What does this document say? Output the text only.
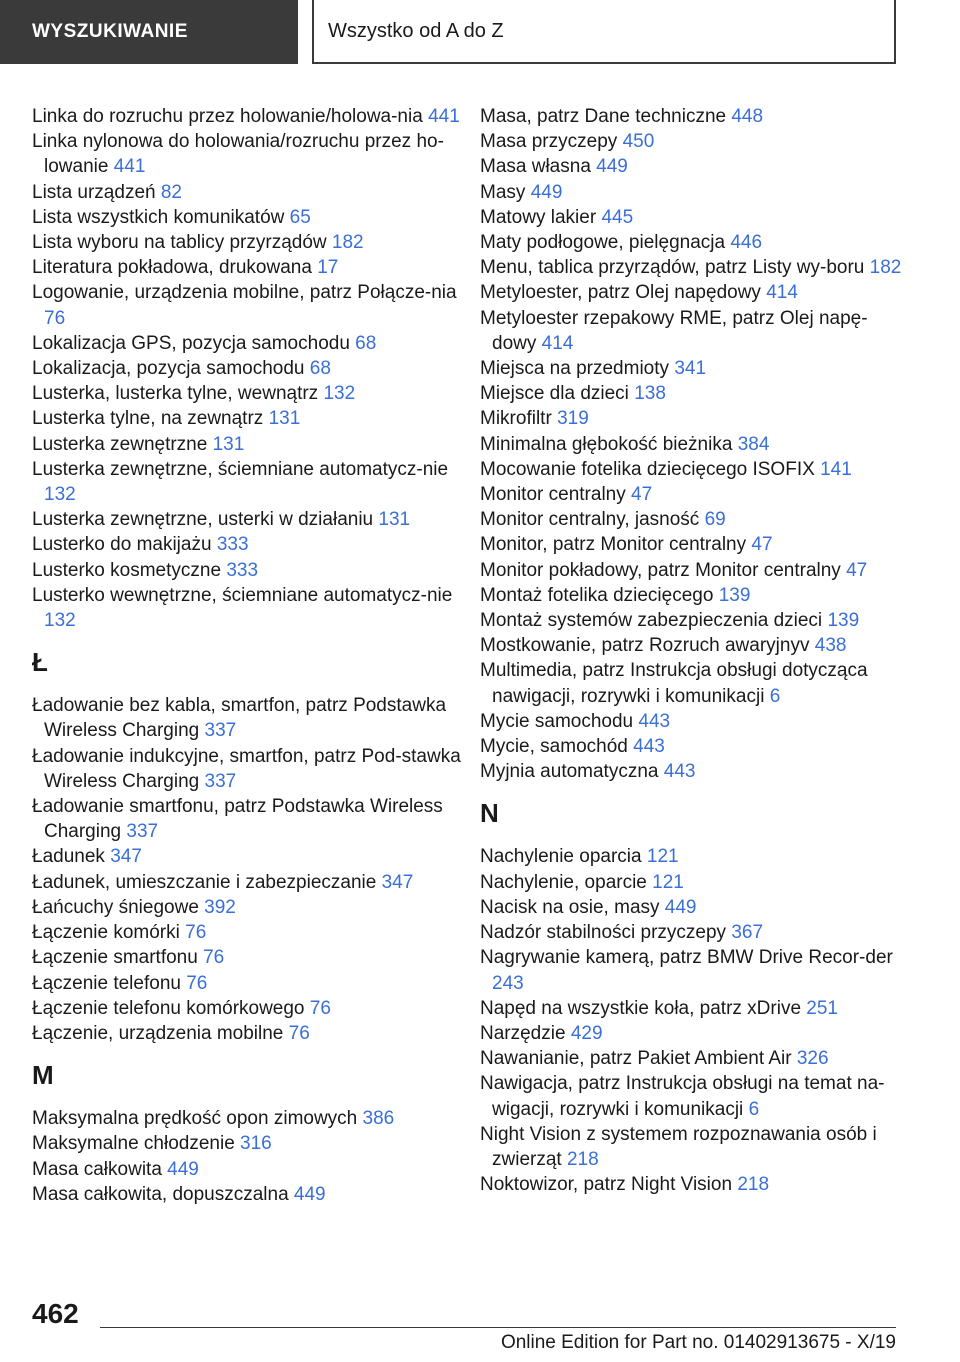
WYSZUKIWANIE	Wszystko od A do Z
Linka do rozruchu przez holowanie/holowa‐nia 441
Linka nylonowa do holowania/rozruchu przez ho‐lowanie 441
Lista urządzeń 82
Lista wszystkich komunikatów 65
Lista wyboru na tablicy przyrządów 182
Literatura pokładowa, drukowana 17
Logowanie, urządzenia mobilne, patrz Połącze‐nia 76
Lokalizacja GPS, pozycja samochodu 68
Lokalizacja, pozycja samochodu 68
Lusterka, lusterka tylne, wewnątrz 132
Lusterka tylne, na zewnątrz 131
Lusterka zewnętrzne 131
Lusterka zewnętrzne, ściemniane automatycz‐nie 132
Lusterka zewnętrzne, usterki w działaniu 131
Lusterko do makijażu 333
Lusterko kosmetyczne 333
Lusterko wewnętrzne, ściemniane automatycz‐nie 132
Ł
Ładowanie bez kabla, smartfon, patrz Podstawka Wireless Charging 337
Ładowanie indukcyjne, smartfon, patrz Pod‐stawka Wireless Charging 337
Ładowanie smartfonu, patrz Podstawka Wireless Charging 337
Ładunek 347
Ładunek, umieszczanie i zabezpieczanie 347
Łańcuchy śniegowe 392
Łączenie komórki 76
Łączenie smartfonu 76
Łączenie telefonu 76
Łączenie telefonu komórkowego 76
Łączenie, urządzenia mobilne 76
M
Maksymalna prędkość opon zimowych 386
Maksymalne chłodzenie 316
Masa całkowita 449
Masa całkowita, dopuszczalna 449
Masa, patrz Dane techniczne 448
Masa przyczepy 450
Masa własna 449
Masy 449
Matowy lakier 445
Maty podłogowe, pielęgnacja 446
Menu, tablica przyrządów, patrz Listy wy‐boru 182
Metyloester, patrz Olej napędowy 414
Metyloester rzepakowy RME, patrz Olej napę‐dowy 414
Miejsca na przedmioty 341
Miejsce dla dzieci 138
Mikrofiltr 319
Minimalna głębokość bieżnika 384
Mocowanie fotelika dziecięcego ISOFIX 141
Monitor centralny 47
Monitor centralny, jasność 69
Monitor, patrz Monitor centralny 47
Monitor pokładowy, patrz Monitor centralny 47
Montaż fotelika dziecięcego 139
Montaż systemów zabezpieczenia dzieci 139
Mostkowanie, patrz Rozruch awaryjnyv 438
Multimedia, patrz Instrukcja obsługi dotycząca nawigacji, rozrywki i komunikacji 6
Mycie samochodu 443
Mycie, samochód 443
Myjnia automatyczna 443
N
Nachylenie oparcia 121
Nachylenie, oparcie 121
Nacisk na osie, masy 449
Nadzór stabilności przyczepy 367
Nagrywanie kamerą, patrz BMW Drive Recor‐der 243
Napęd na wszystkie koła, patrz xDrive 251
Narzędzie 429
Nawanianie, patrz Pakiet Ambient Air 326
Nawigacja, patrz Instrukcja obsługi na temat na‐wigacji, rozrywki i komunikacji 6
Night Vision z systemem rozpoznawania osób i zwierząt 218
Noktowizor, patrz Night Vision 218
462
Online Edition for Part no. 01402913675 - X/19
